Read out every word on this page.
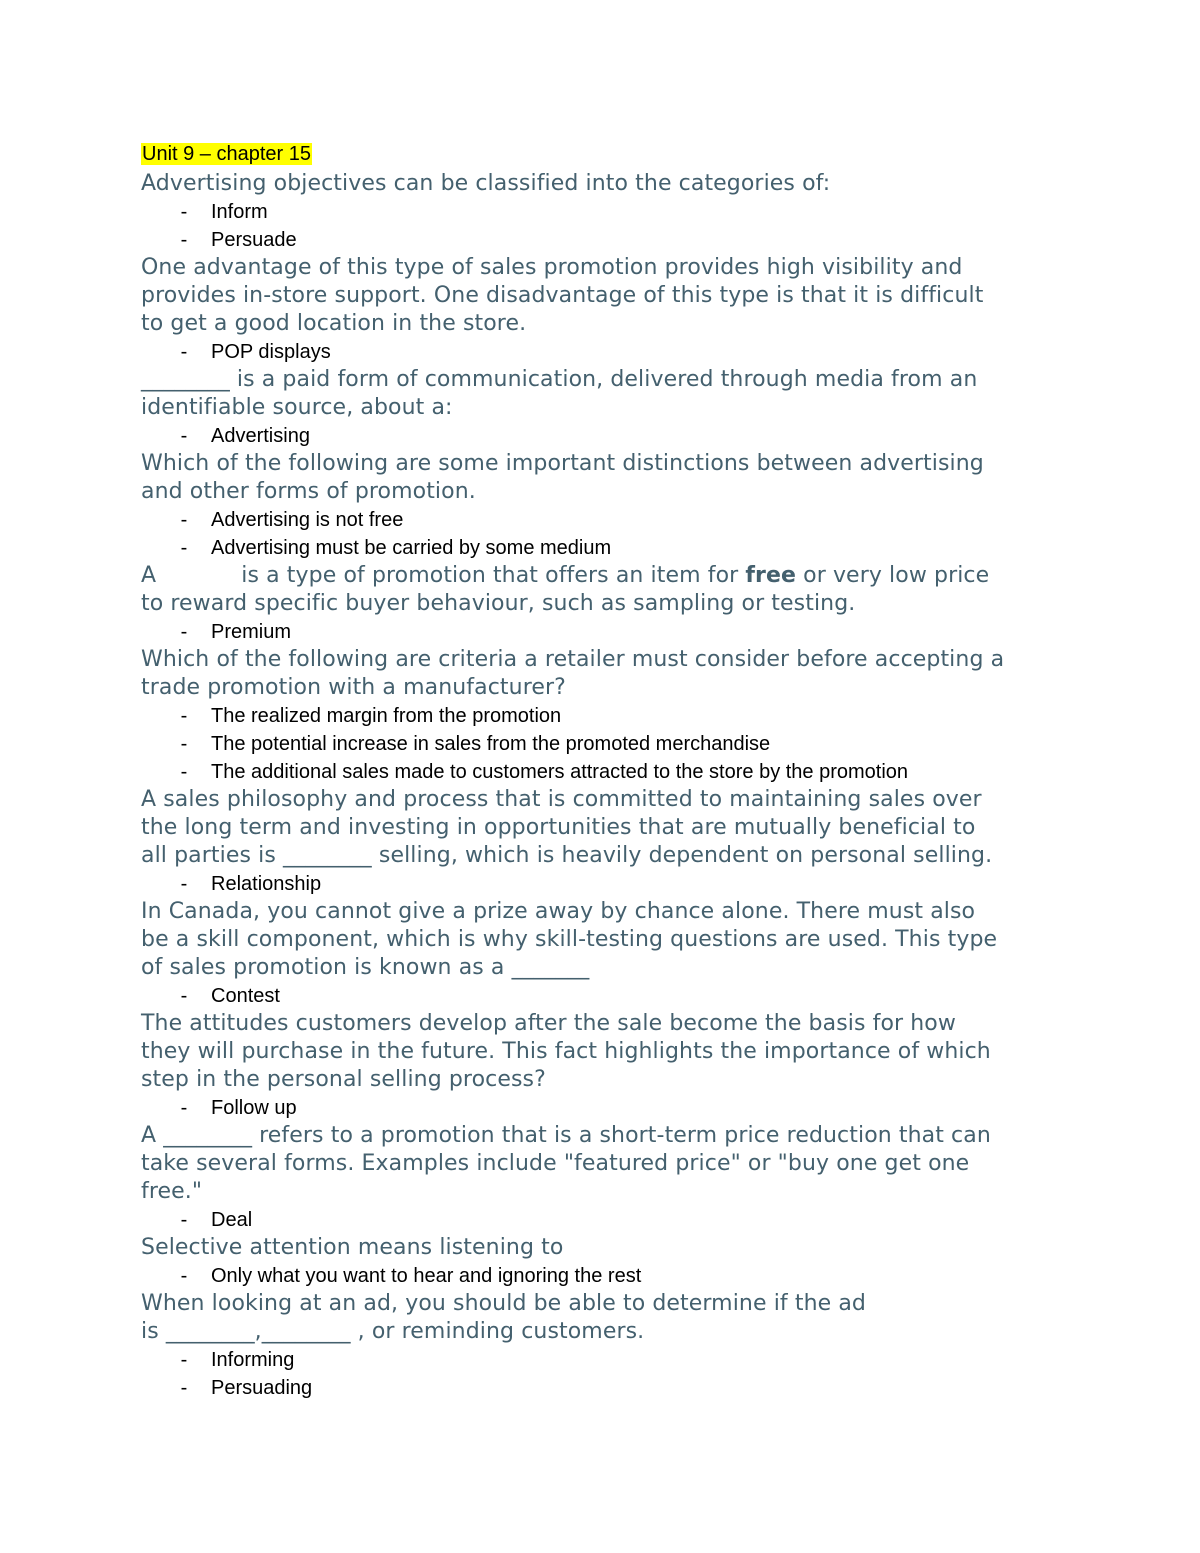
Unit 9 – chapter 15

Advertising objectives can be classified into the categories of:

- Inform
- Persuade

One advantage of this type of sales promotion provides high visibility and
provides in-store support. One disadvantage of this type is that it is difficult
to get a good location in the store.

- POP displays

________ is a paid form of communication, delivered through media from an
identifiable source, about a:

- Advertising

Which of the following are some important distinctions between advertising
and other forms of promotion.

- Advertising is not free
- Advertising must be carried by some medium

A            is a type of promotion that offers an item for free or very low price
to reward specific buyer behaviour, such as sampling or testing.

- Premium

Which of the following are criteria a retailer must consider before accepting a
trade promotion with a manufacturer?

- The realized margin from the promotion
- The potential increase in sales from the promoted merchandise
- The additional sales made to customers attracted to the store by the promotion

A sales philosophy and process that is committed to maintaining sales over
the long term and investing in opportunities that are mutually beneficial to
all parties is ________ selling, which is heavily dependent on personal selling.

- Relationship

In Canada, you cannot give a prize away by chance alone. There must also
be a skill component, which is why skill-testing questions are used. This type
of sales promotion is known as a _______

- Contest

The attitudes customers develop after the sale become the basis for how
they will purchase in the future. This fact highlights the importance of which
step in the personal selling process?

- Follow up

A ________ refers to a promotion that is a short-term price reduction that can
take several forms. Examples include "featured price" or "buy one get one
free."

- Deal

Selective attention means listening to

- Only what you want to hear and ignoring the rest

When looking at an ad, you should be able to determine if the ad
is ________,________ , or reminding customers.

- Informing
- Persuading
